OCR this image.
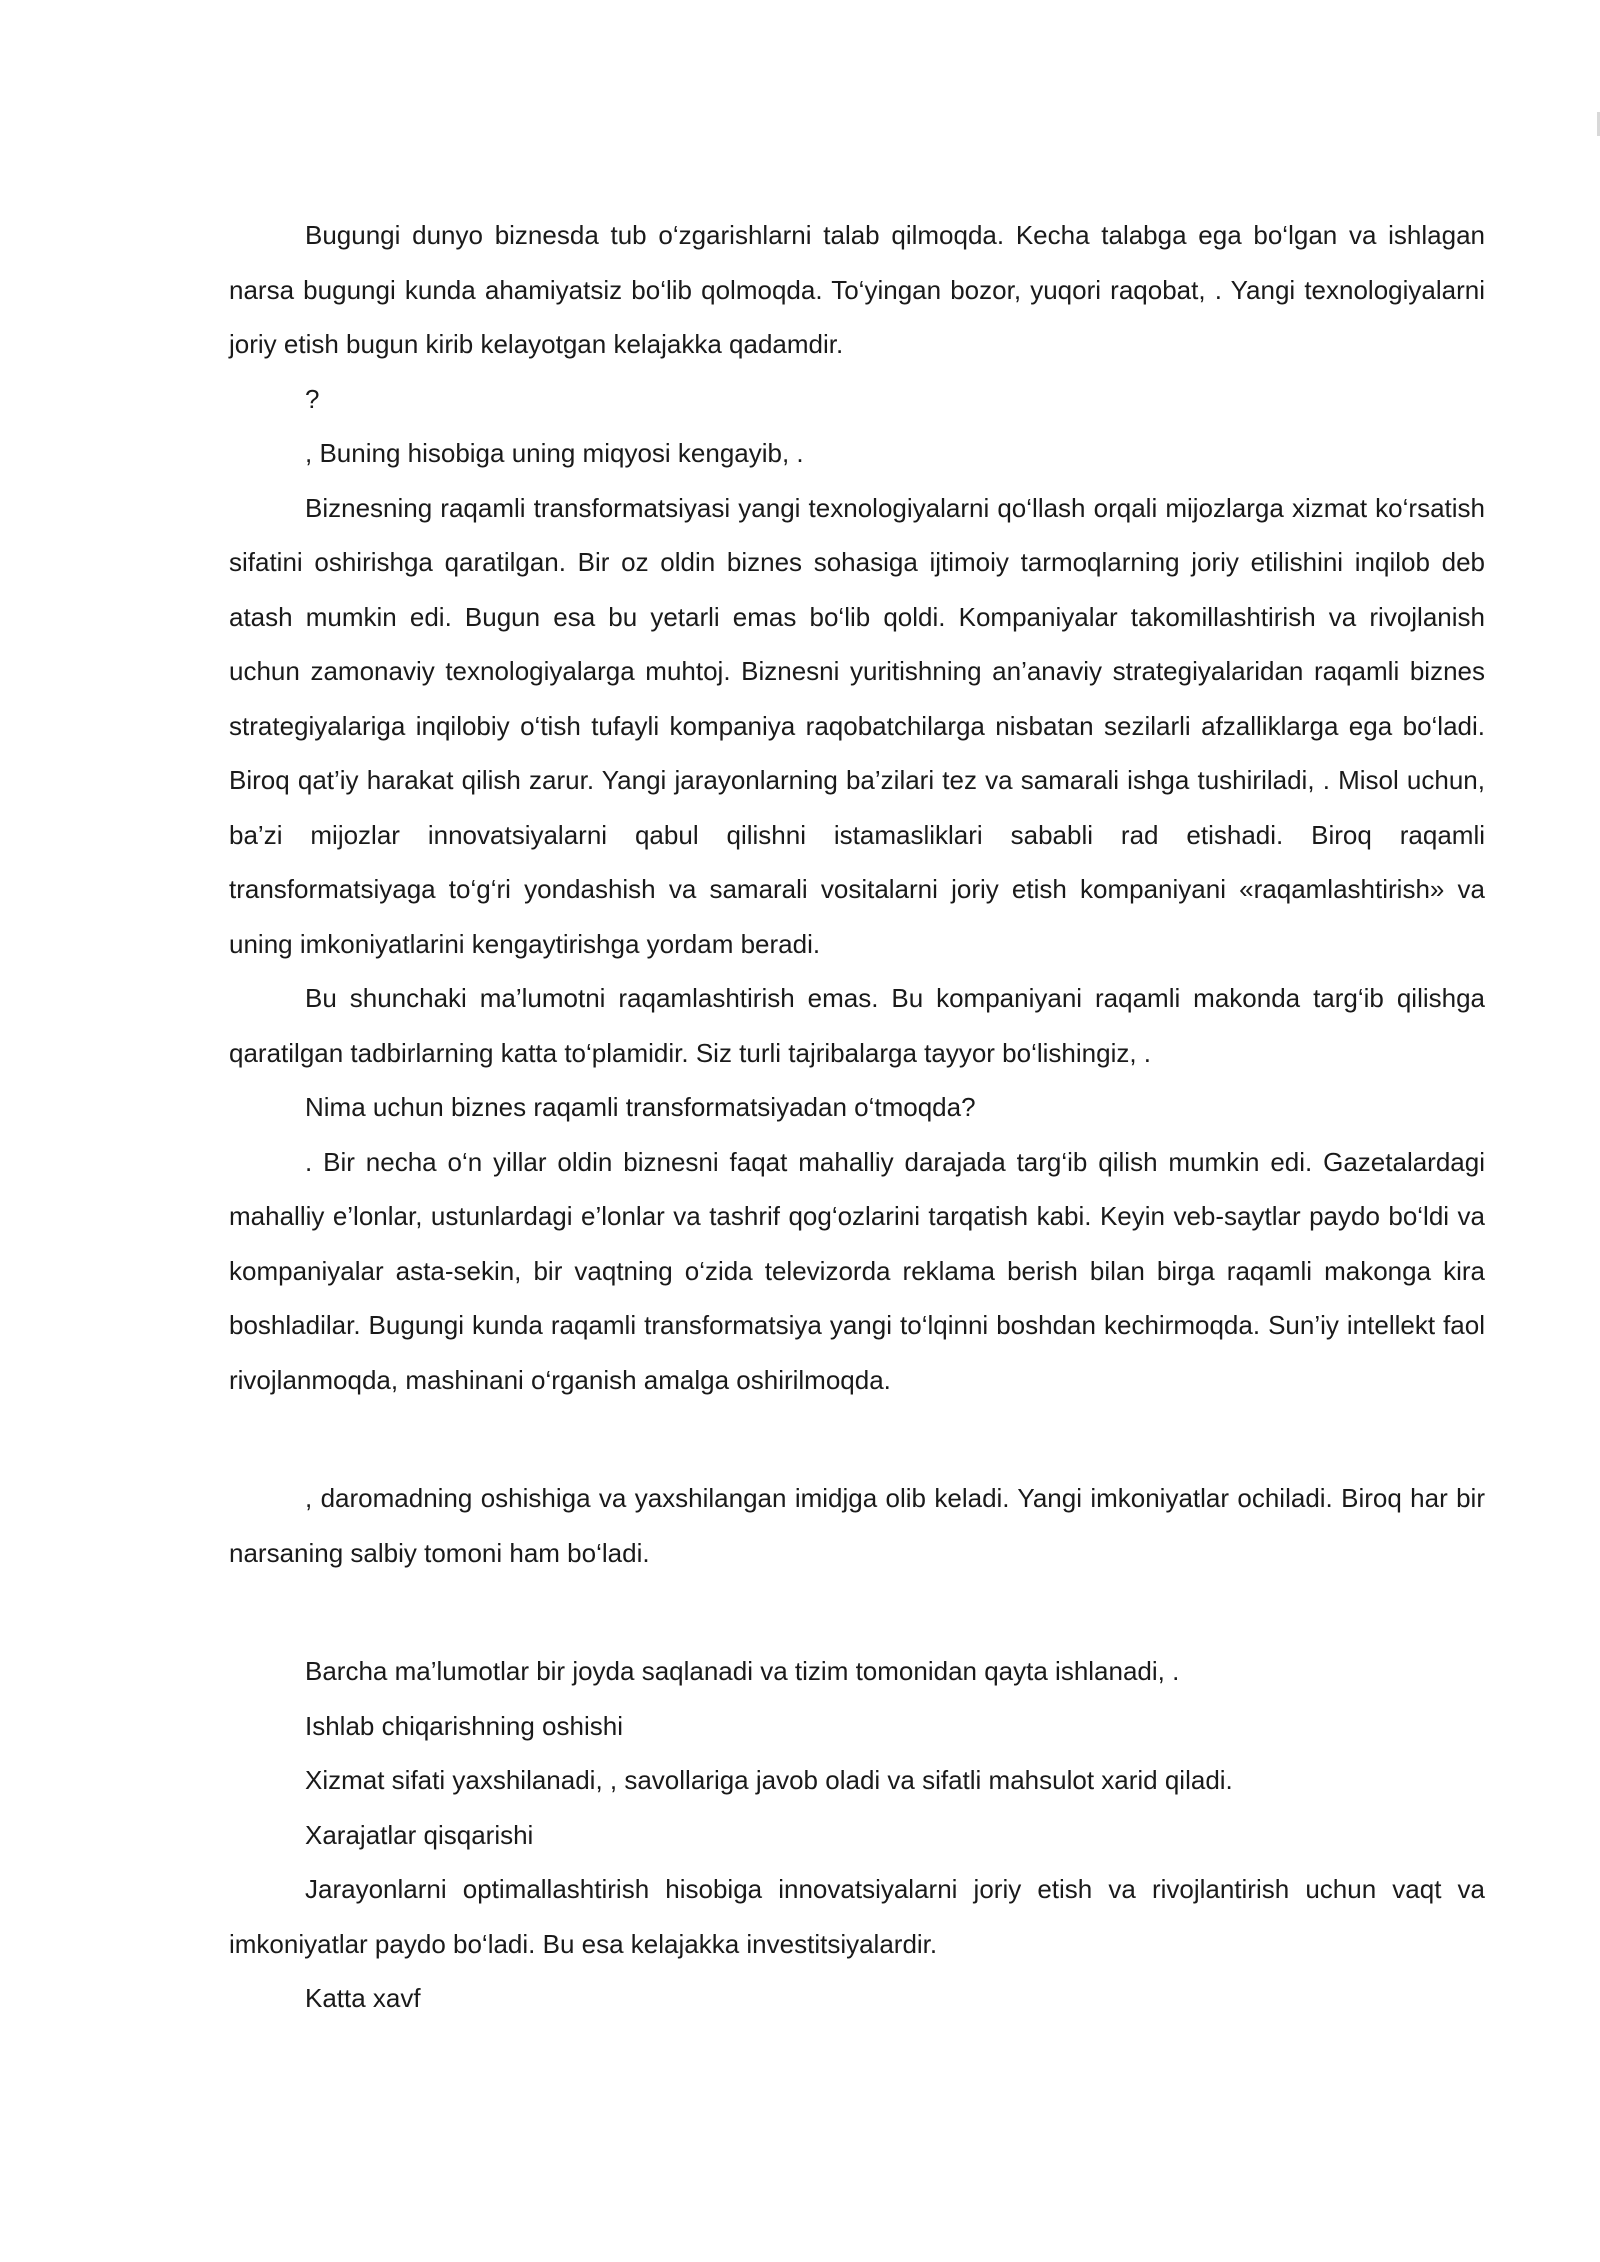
Bugungi dunyo biznesda tub o‘zgarishlarni talab qilmoqda. Kecha talabga ega bo‘lgan va ishlagan narsa bugungi kunda ahamiyatsiz bo‘lib qolmoqda. To‘yingan bozor, yuqori raqobat, . Yangi texnologiyalarni joriy etish bugun kirib kelayotgan kelajakka qadamdir.

?

, Buning hisobiga uning miqyosi kengayib, .

Biznesning raqamli transformatsiyasi yangi texnologiyalarni qo‘llash orqali mijozlarga xizmat ko‘rsatish sifatini oshirishga qaratilgan. Bir oz oldin biznes sohasiga ijtimoiy tarmoqlarning joriy etilishini inqilob deb atash mumkin edi. Bugun esa bu yetarli emas bo‘lib qoldi. Kompaniyalar takomillashtirish va rivojlanish uchun zamonaviy texnologiyalarga muhtoj. Biznesni yuritishning an’anaviy strategiyalaridan raqamli biznes strategiyalariga inqilobiy o‘tish tufayli kompaniya raqobatchilarga nisbatan sezilarli afzalliklarga ega bo‘ladi. Biroq qat’iy harakat qilish zarur. Yangi jarayonlarning ba’zilari tez va samarali ishga tushiriladi, . Misol uchun, ba’zi mijozlar innovatsiyalarni qabul qilishni istamasliklari sababli rad etishadi. Biroq raqamli transformatsiyaga to‘g‘ri yondashish va samarali vositalarni joriy etish kompaniyani «raqamlashtirish» va uning imkoniyatlarini kengaytirishga yordam beradi.

Bu shunchaki ma’lumotni raqamlashtirish emas. Bu kompaniyani raqamli makonda targ‘ib qilishga qaratilgan tadbirlarning katta to‘plamidir. Siz turli tajribalarga tayyor bo‘lishingiz, .

Nima uchun biznes raqamli transformatsiyadan o‘tmoqda?

. Bir necha o‘n yillar oldin biznesni faqat mahalliy darajada targ‘ib qilish mumkin edi. Gazetalardagi mahalliy e’lonlar, ustunlardagi e’lonlar va tashrif qog‘ozlarini tarqatish kabi. Keyin veb-saytlar paydo bo‘ldi va kompaniyalar asta-sekin, bir vaqtning o‘zida televizorda reklama berish bilan birga raqamli makonga kira boshladilar. Bugungi kunda raqamli transformatsiya yangi to‘lqinni boshdan kechirmoqda. Sun’iy intellekt faol rivojlanmoqda, mashinani o‘rganish amalga oshirilmoqda.

, daromadning oshishiga va yaxshilangan imidjga olib keladi. Yangi imkoniyatlar ochiladi. Biroq har bir narsaning salbiy tomoni ham bo‘ladi.

Barcha ma’lumotlar bir joyda saqlanadi va tizim tomonidan qayta ishlanadi, .

Ishlab chiqarishning oshishi

Xizmat sifati yaxshilanadi, , savollariga javob oladi va sifatli mahsulot xarid qiladi.

Xarajatlar qisqarishi

Jarayonlarni optimallashtirish hisobiga innovatsiyalarni joriy etish va rivojlantirish uchun vaqt va imkoniyatlar paydo bo‘ladi. Bu esa kelajakka investitsiyalardir.

Katta xavf
